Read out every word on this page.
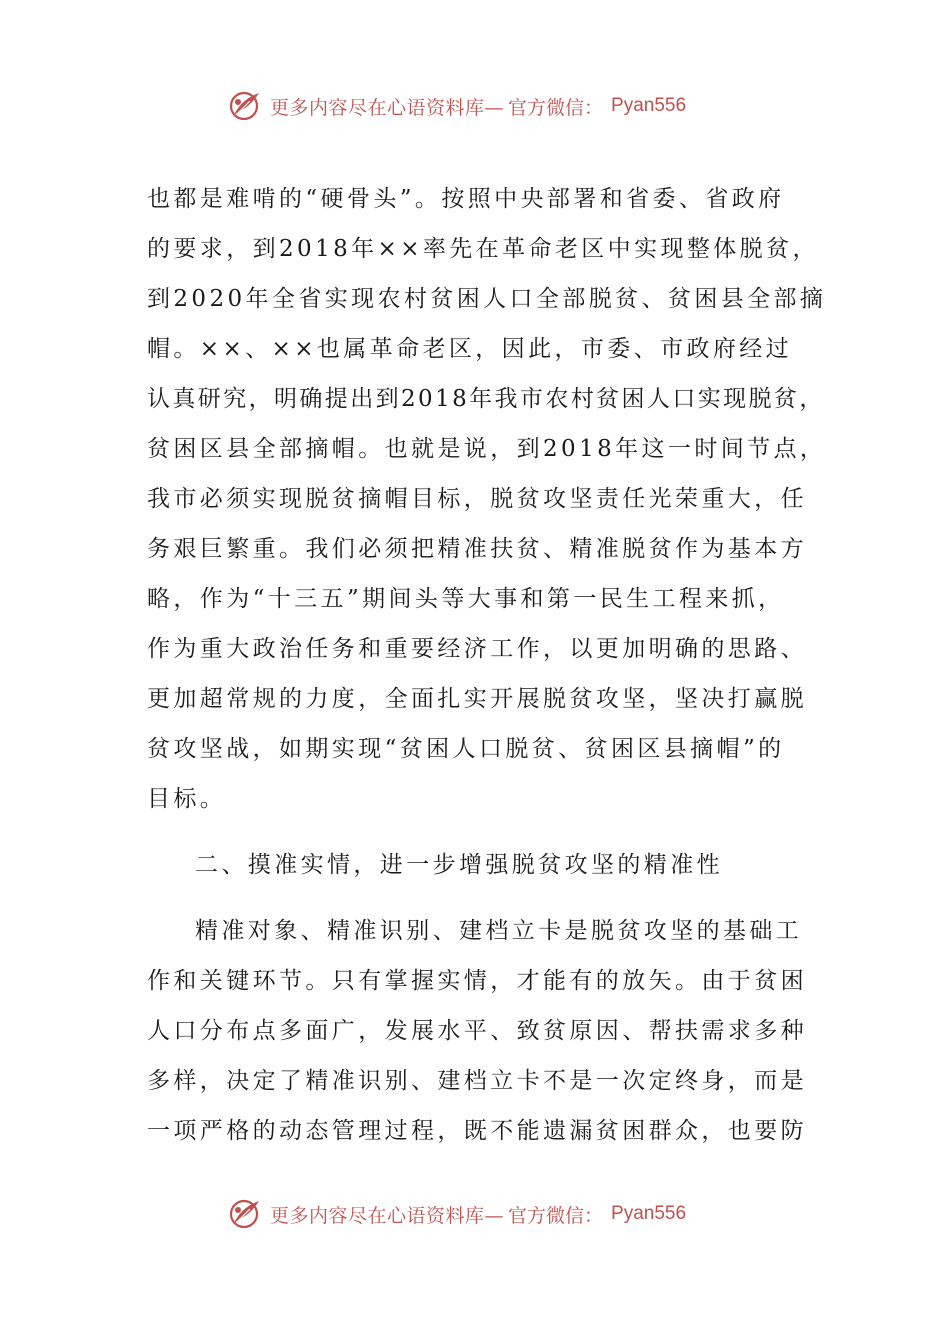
更多内容尽在心语资料库— 官方微信： Pyan556
也都是难啃的“硬骨头”。按照中央部署和省委、省政府
的要求，到2018年××率先在革命老区中实现整体脱贫，
到2020年全省实现农村贫困人口全部脱贫、贫困县全部摘
帽。××、××也属革命老区，因此，市委、市政府经过
认真研究，明确提出到2018年我市农村贫困人口实现脱贫，
贫困区县全部摘帽。也就是说，到2018年这一时间节点，
我市必须实现脱贫摘帽目标，脱贫攻坚责任光荣重大，任
务艰巨繁重。我们必须把精准扶贫、精准脱贫作为基本方
略，作为“十三五”期间头等大事和第一民生工程来抓，
作为重大政治任务和重要经济工作，以更加明确的思路、
更加超常规的力度，全面扎实开展脱贫攻坚，坚决打赢脱
贫攻坚战，如期实现“贫困人口脱贫、贫困区县摘帽”的
目标。
二、摸准实情，进一步增强脱贫攻坚的精准性
精准对象、精准识别、建档立卡是脱贫攻坚的基础工
作和关键环节。只有掌握实情，才能有的放矢。由于贫困
人口分布点多面广，发展水平、致贫原因、帮扶需求多种
多样，决定了精准识别、建档立卡不是一次定终身，而是
一项严格的动态管理过程，既不能遗漏贫困群众，也要防
更多内容尽在心语资料库— 官方微信： Pyan556
